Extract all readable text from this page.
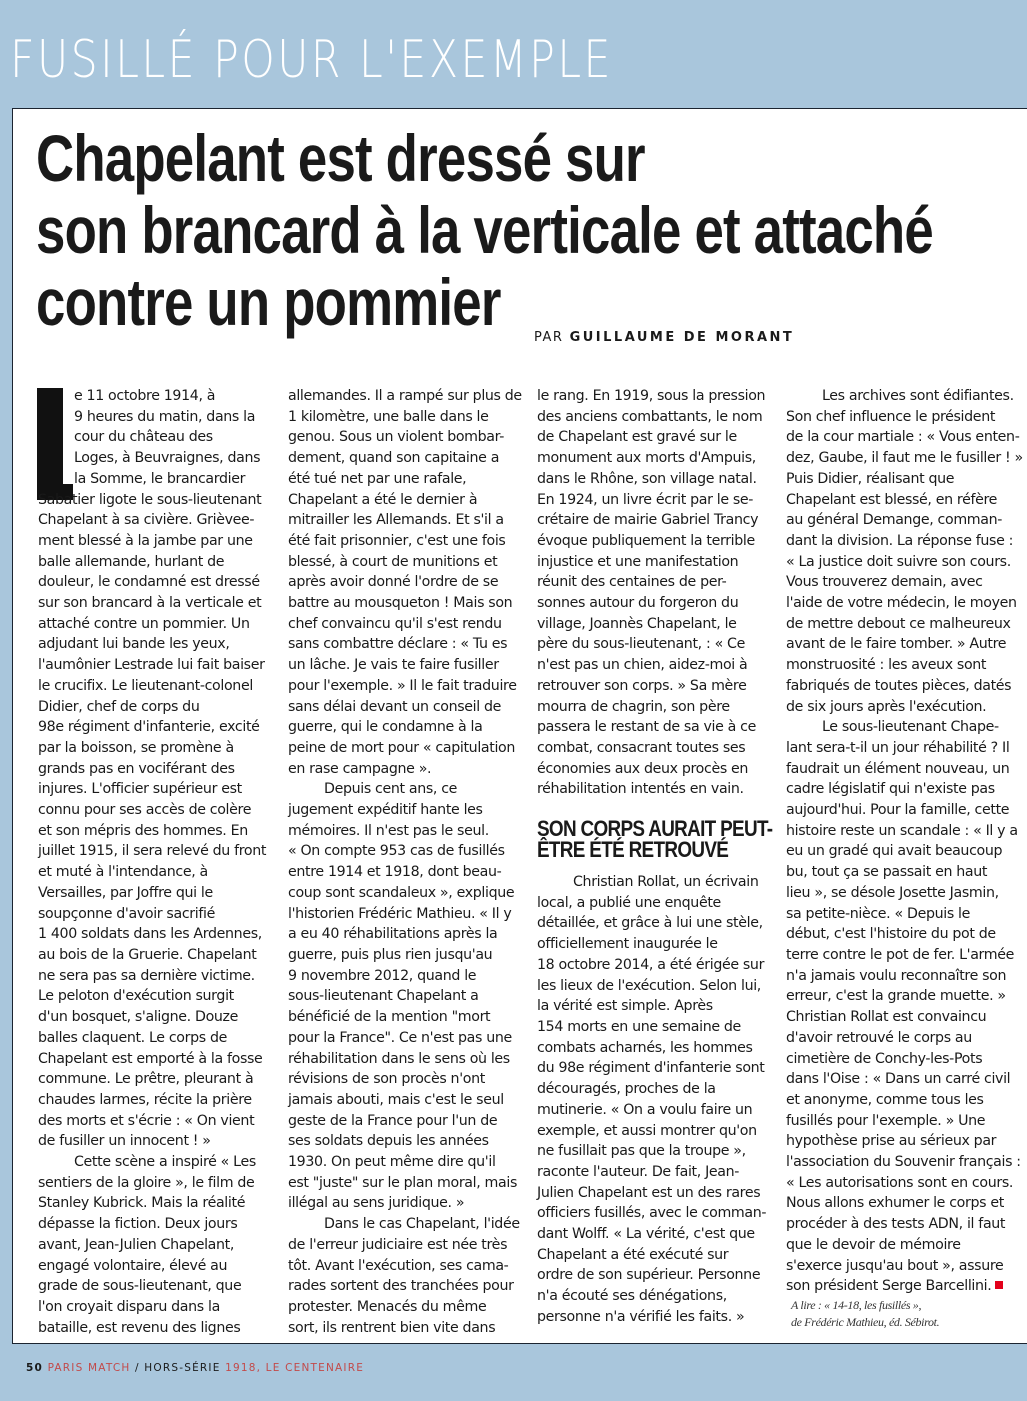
FUSILLÉ POUR L'EXEMPLE
Chapelant est dressé sur
son brancard à la verticale et attaché
contre un pommier	PAR GUILLAUME DE MORANT
e 11 octobre 1914, à
9 heures du matin, dans la
cour du château des
Loges, à Beuvraignes, dans
la Somme, le brancardier
Sabatier ligote le sous-lieutenant
Chapelant à sa civière. Grièvee-
ment blessé à la jambe par une
balle allemande, hurlant de
douleur, le condamné est dressé
sur son brancard à la verticale et
attaché contre un pommier. Un
adjudant lui bande les yeux,
l'aumônier Lestrade lui fait baiser
le crucifix. Le lieutenant-colonel
Didier, chef de corps du
98e régiment d'infanterie, excité
par la boisson, se promène à
grands pas en vociférant des
injures. L'officier supérieur est
connu pour ses accès de colère
et son mépris des hommes. En
juillet 1915, il sera relevé du front
et muté à l'intendance, à
Versailles, par Joffre qui le
soupçonne d'avoir sacrifié
1 400 soldats dans les Ardennes,
au bois de la Gruerie. Chapelant
ne sera pas sa dernière victime.
Le peloton d'exécution surgit
d'un bosquet, s'aligne. Douze
balles claquent. Le corps de
Chapelant est emporté à la fosse
commune. Le prêtre, pleurant à
chaudes larmes, récite la prière
des morts et s'écrie : « On vient
de fusiller un innocent ! »
Cette scène a inspiré « Les
sentiers de la gloire », le film de
Stanley Kubrick. Mais la réalité
dépasse la fiction. Deux jours
avant, Jean-Julien Chapelant,
engagé volontaire, élevé au
grade de sous-lieutenant, que
l'on croyait disparu dans la
bataille, est revenu des lignes
allemandes. Il a rampé sur plus de
1 kilomètre, une balle dans le
genou. Sous un violent bombar-
dement, quand son capitaine a
été tué net par une rafale,
Chapelant a été le dernier à
mitrailler les Allemands. Et s'il a
été fait prisonnier, c'est une fois
blessé, à court de munitions et
après avoir donné l'ordre de se
battre au mousqueton ! Mais son
chef convaincu qu'il s'est rendu
sans combattre déclare : « Tu es
un lâche. Je vais te faire fusiller
pour l'exemple. » Il le fait traduire
sans délai devant un conseil de
guerre, qui le condamne à la
peine de mort pour « capitulation
en rase campagne ».
Depuis cent ans, ce
jugement expéditif hante les
mémoires. Il n'est pas le seul.
« On compte 953 cas de fusillés
entre 1914 et 1918, dont beau-
coup sont scandaleux », explique
l'historien Frédéric Mathieu. « Il y
a eu 40 réhabilitations après la
guerre, puis plus rien jusqu'au
9 novembre 2012, quand le
sous-lieutenant Chapelant a
bénéficié de la mention "mort
pour la France". Ce n'est pas une
réhabilitation dans le sens où les
révisions de son procès n'ont
jamais abouti, mais c'est le seul
geste de la France pour l'un de
ses soldats depuis les années
1930. On peut même dire qu'il
est "juste" sur le plan moral, mais
illégal au sens juridique. »
Dans le cas Chapelant, l'idée
de l'erreur judiciaire est née très
tôt. Avant l'exécution, ses cama-
rades sortent des tranchées pour
protester. Menacés du même
sort, ils rentrent bien vite dans
le rang. En 1919, sous la pression
des anciens combattants, le nom
de Chapelant est gravé sur le
monument aux morts d'Ampuis,
dans le Rhône, son village natal.
En 1924, un livre écrit par le se-
crétaire de mairie Gabriel Trancy
évoque publiquement la terrible
injustice et une manifestation
réunit des centaines de per-
sonnes autour du forgeron du
village, Joannès Chapelant, le
père du sous-lieutenant, : « Ce
n'est pas un chien, aidez-moi à
retrouver son corps. » Sa mère
mourra de chagrin, son père
passera le restant de sa vie à ce
combat, consacrant toutes ses
économies aux deux procès en
réhabilitation intentés en vain.
SON CORPS AURAIT PEUT-
ÊTRE ÉTÉ RETROUVÉ
Christian Rollat, un écrivain
local, a publié une enquête
détaillée, et grâce à lui une stèle,
officiellement inaugurée le
18 octobre 2014, a été érigée sur
les lieux de l'exécution. Selon lui,
la vérité est simple. Après
154 morts en une semaine de
combats acharnés, les hommes
du 98e régiment d'infanterie sont
découragés, proches de la
mutinerie. « On a voulu faire un
exemple, et aussi montrer qu'on
ne fusillait pas que la troupe »,
raconte l'auteur. De fait, Jean-
Julien Chapelant est un des rares
officiers fusillés, avec le comman-
dant Wolff. « La vérité, c'est que
Chapelant a été exécuté sur
ordre de son supérieur. Personne
n'a écouté ses dénégations,
personne n'a vérifié les faits. »
Les archives sont édifiantes.
Son chef influence le président
de la cour martiale : « Vous enten-
dez, Gaube, il faut me le fusiller ! »
Puis Didier, réalisant que
Chapelant est blessé, en réfère
au général Demange, comman-
dant la division. La réponse fuse :
« La justice doit suivre son cours.
Vous trouverez demain, avec
l'aide de votre médecin, le moyen
de mettre debout ce malheureux
avant de le faire tomber. » Autre
monstruosité : les aveux sont
fabriqués de toutes pièces, datés
de six jours après l'exécution.
Le sous-lieutenant Chape-
lant sera-t-il un jour réhabilité ? Il
faudrait un élément nouveau, un
cadre législatif qui n'existe pas
aujourd'hui. Pour la famille, cette
histoire reste un scandale : « Il y a
eu un gradé qui avait beaucoup
bu, tout ça se passait en haut
lieu », se désole Josette Jasmin,
sa petite-nièce. « Depuis le
début, c'est l'histoire du pot de
terre contre le pot de fer. L'armée
n'a jamais voulu reconnaître son
erreur, c'est la grande muette. »
Christian Rollat est convaincu
d'avoir retrouvé le corps au
cimetière de Conchy-les-Pots
dans l'Oise : « Dans un carré civil
et anonyme, comme tous les
fusillés pour l'exemple. » Une
hypothèse prise au sérieux par
l'association du Souvenir français :
« Les autorisations sont en cours.
Nous allons exhumer le corps et
procéder à des tests ADN, il faut
que le devoir de mémoire
s'exerce jusqu'au bout », assure
son président Serge Barcellini.
A lire : « 14-18, les fusillés »,
de Frédéric Mathieu, éd. Sébirot.
50 PARIS MATCH / HORS-SÉRIE 1918, LE CENTENAIRE
